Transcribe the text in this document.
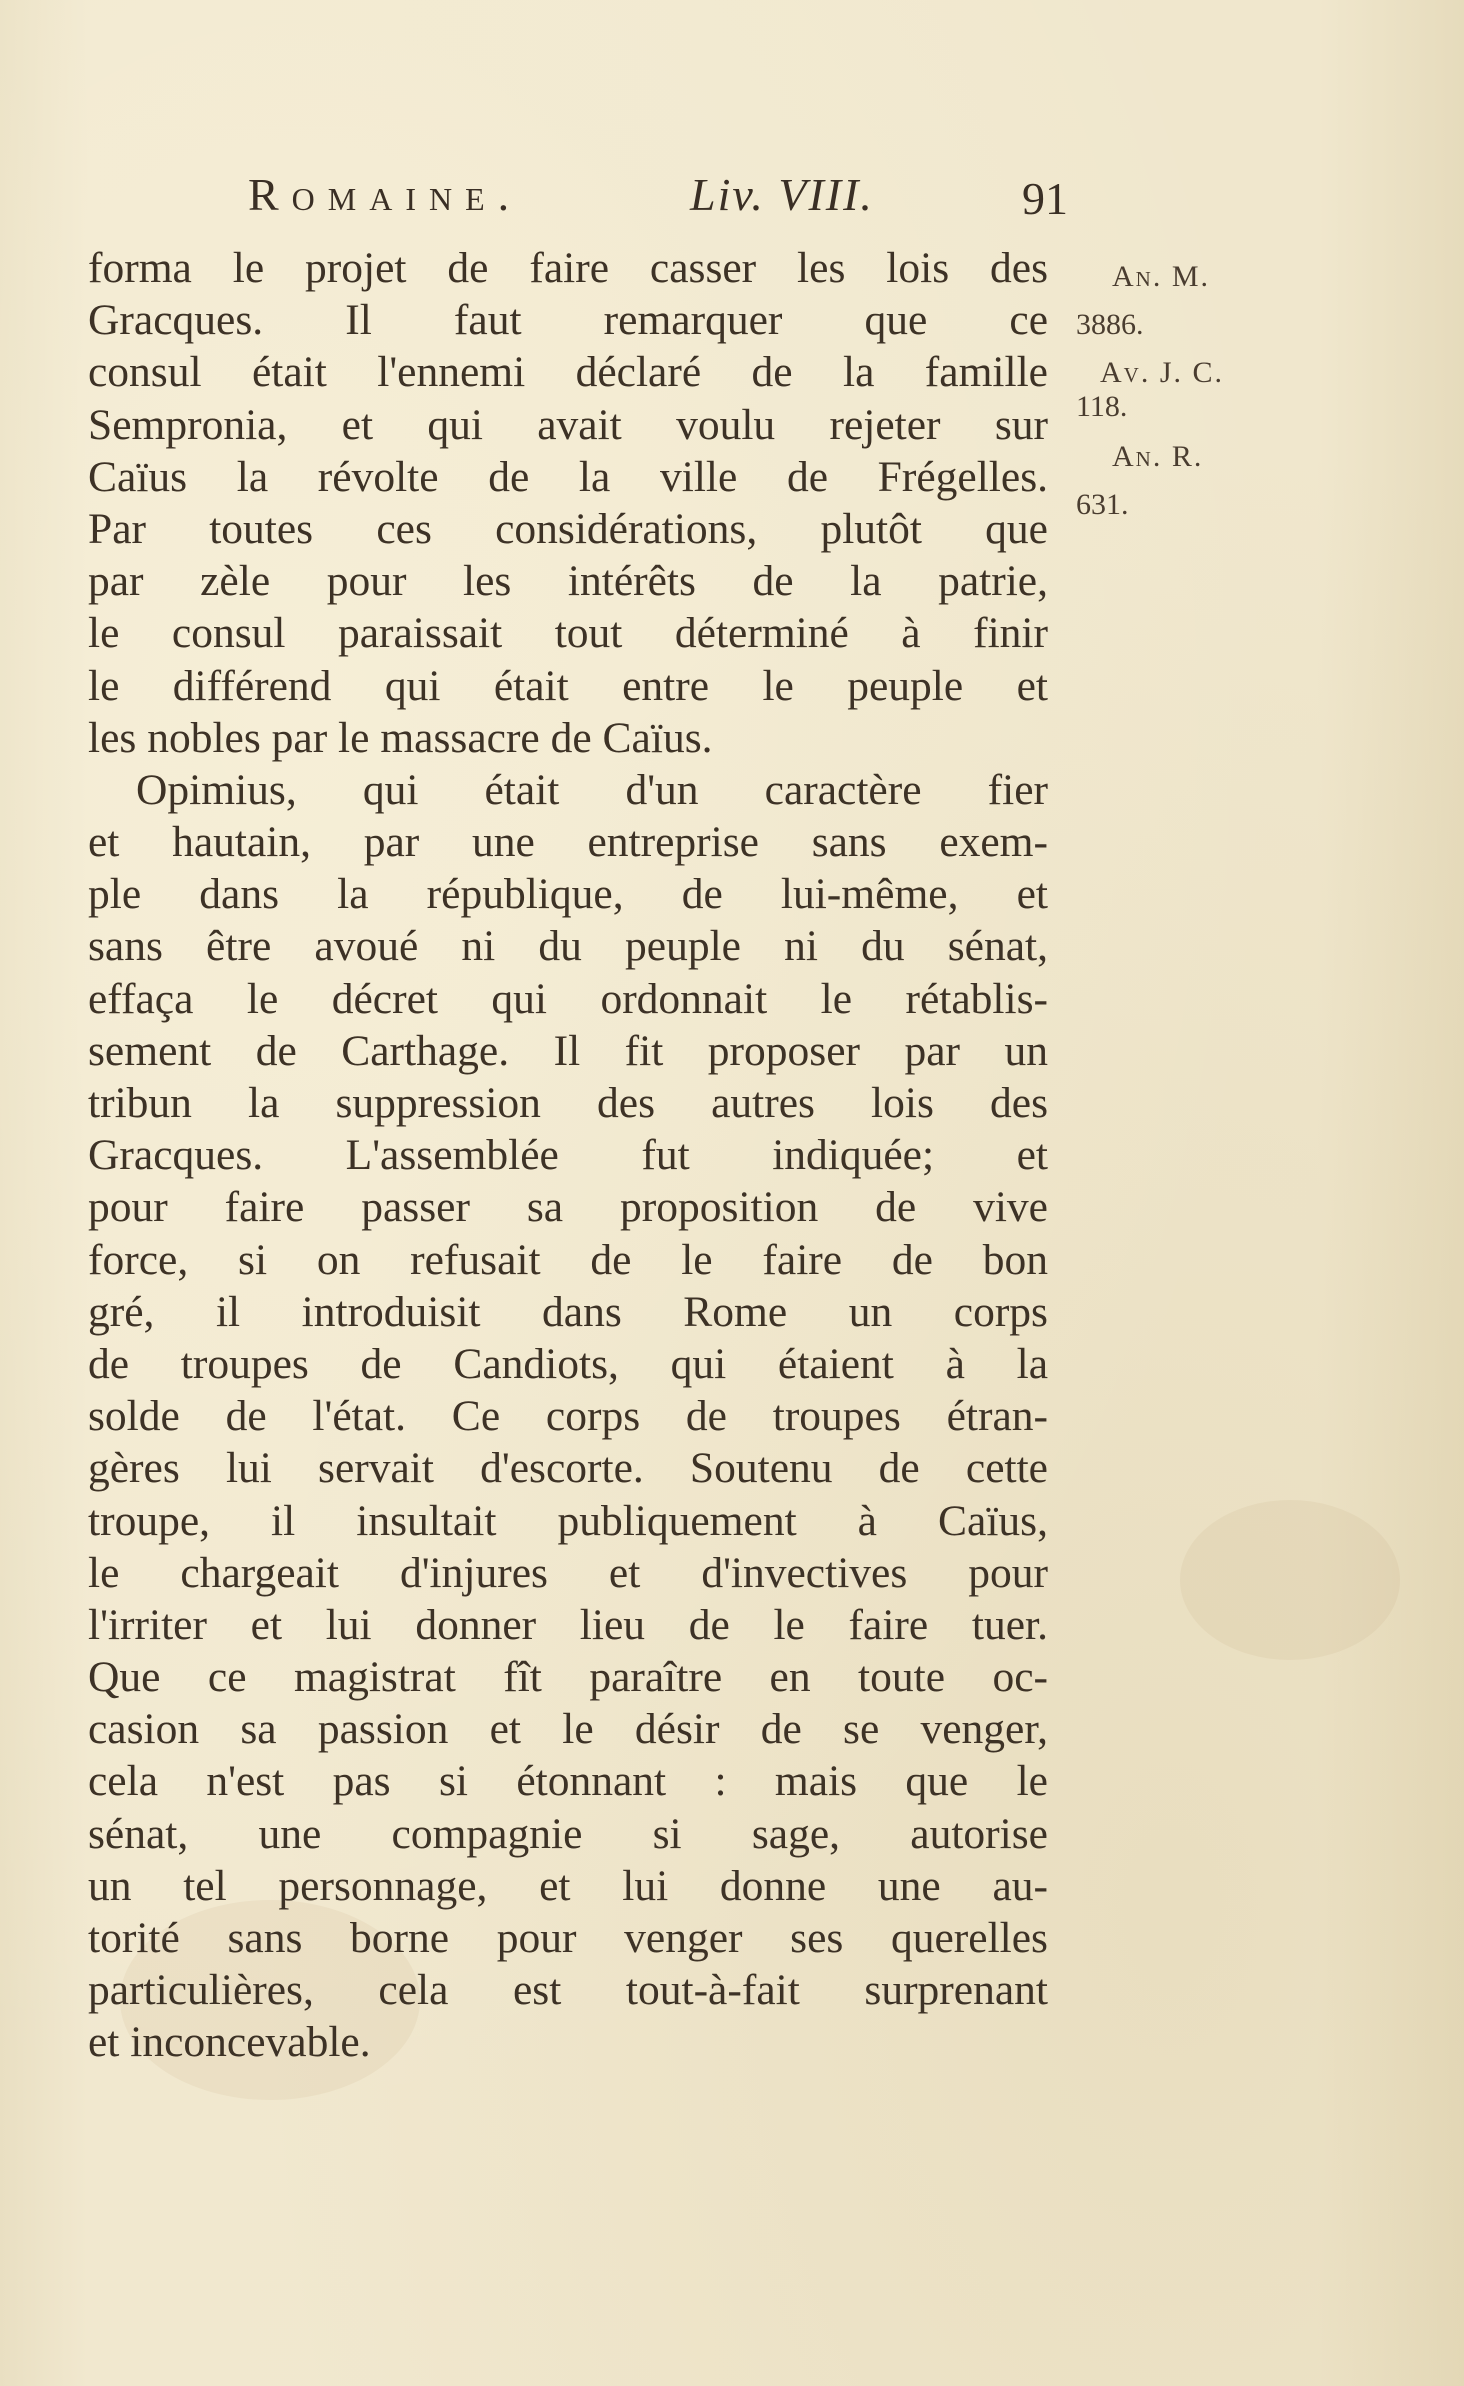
Romaine.	Liv. VIII.	91
An. M.
3886.
Av. J. C.
118.
An. R.
631.
forma le projet de faire casser les lois des
Gracques. Il faut remarquer que ce
consul était l'ennemi déclaré de la famille
Sempronia, et qui avait voulu rejeter sur
Caïus la révolte de la ville de Frégelles.
Par toutes ces considérations, plutôt que
par zèle pour les intérêts de la patrie,
le consul paraissait tout déterminé à finir
le différend qui était entre le peuple et
les nobles par le massacre de Caïus.
Opimius, qui était d'un caractère fier
et hautain, par une entreprise sans exem-
ple dans la république, de lui-même, et
sans être avoué ni du peuple ni du sénat,
effaça le décret qui ordonnait le rétablis-
sement de Carthage. Il fit proposer par un
tribun la suppression des autres lois des
Gracques. L'assemblée fut indiquée; et
pour faire passer sa proposition de vive
force, si on refusait de le faire de bon
gré, il introduisit dans Rome un corps
de troupes de Candiots, qui étaient à la
solde de l'état. Ce corps de troupes étran-
gères lui servait d'escorte. Soutenu de cette
troupe, il insultait publiquement à Caïus,
le chargeait d'injures et d'invectives pour
l'irriter et lui donner lieu de le faire tuer.
Que ce magistrat fît paraître en toute oc-
casion sa passion et le désir de se venger,
cela n'est pas si étonnant : mais que le
sénat, une compagnie si sage, autorise
un tel personnage, et lui donne une au-
torité sans borne pour venger ses querelles
particulières, cela est tout-à-fait surprenant
et inconcevable.
